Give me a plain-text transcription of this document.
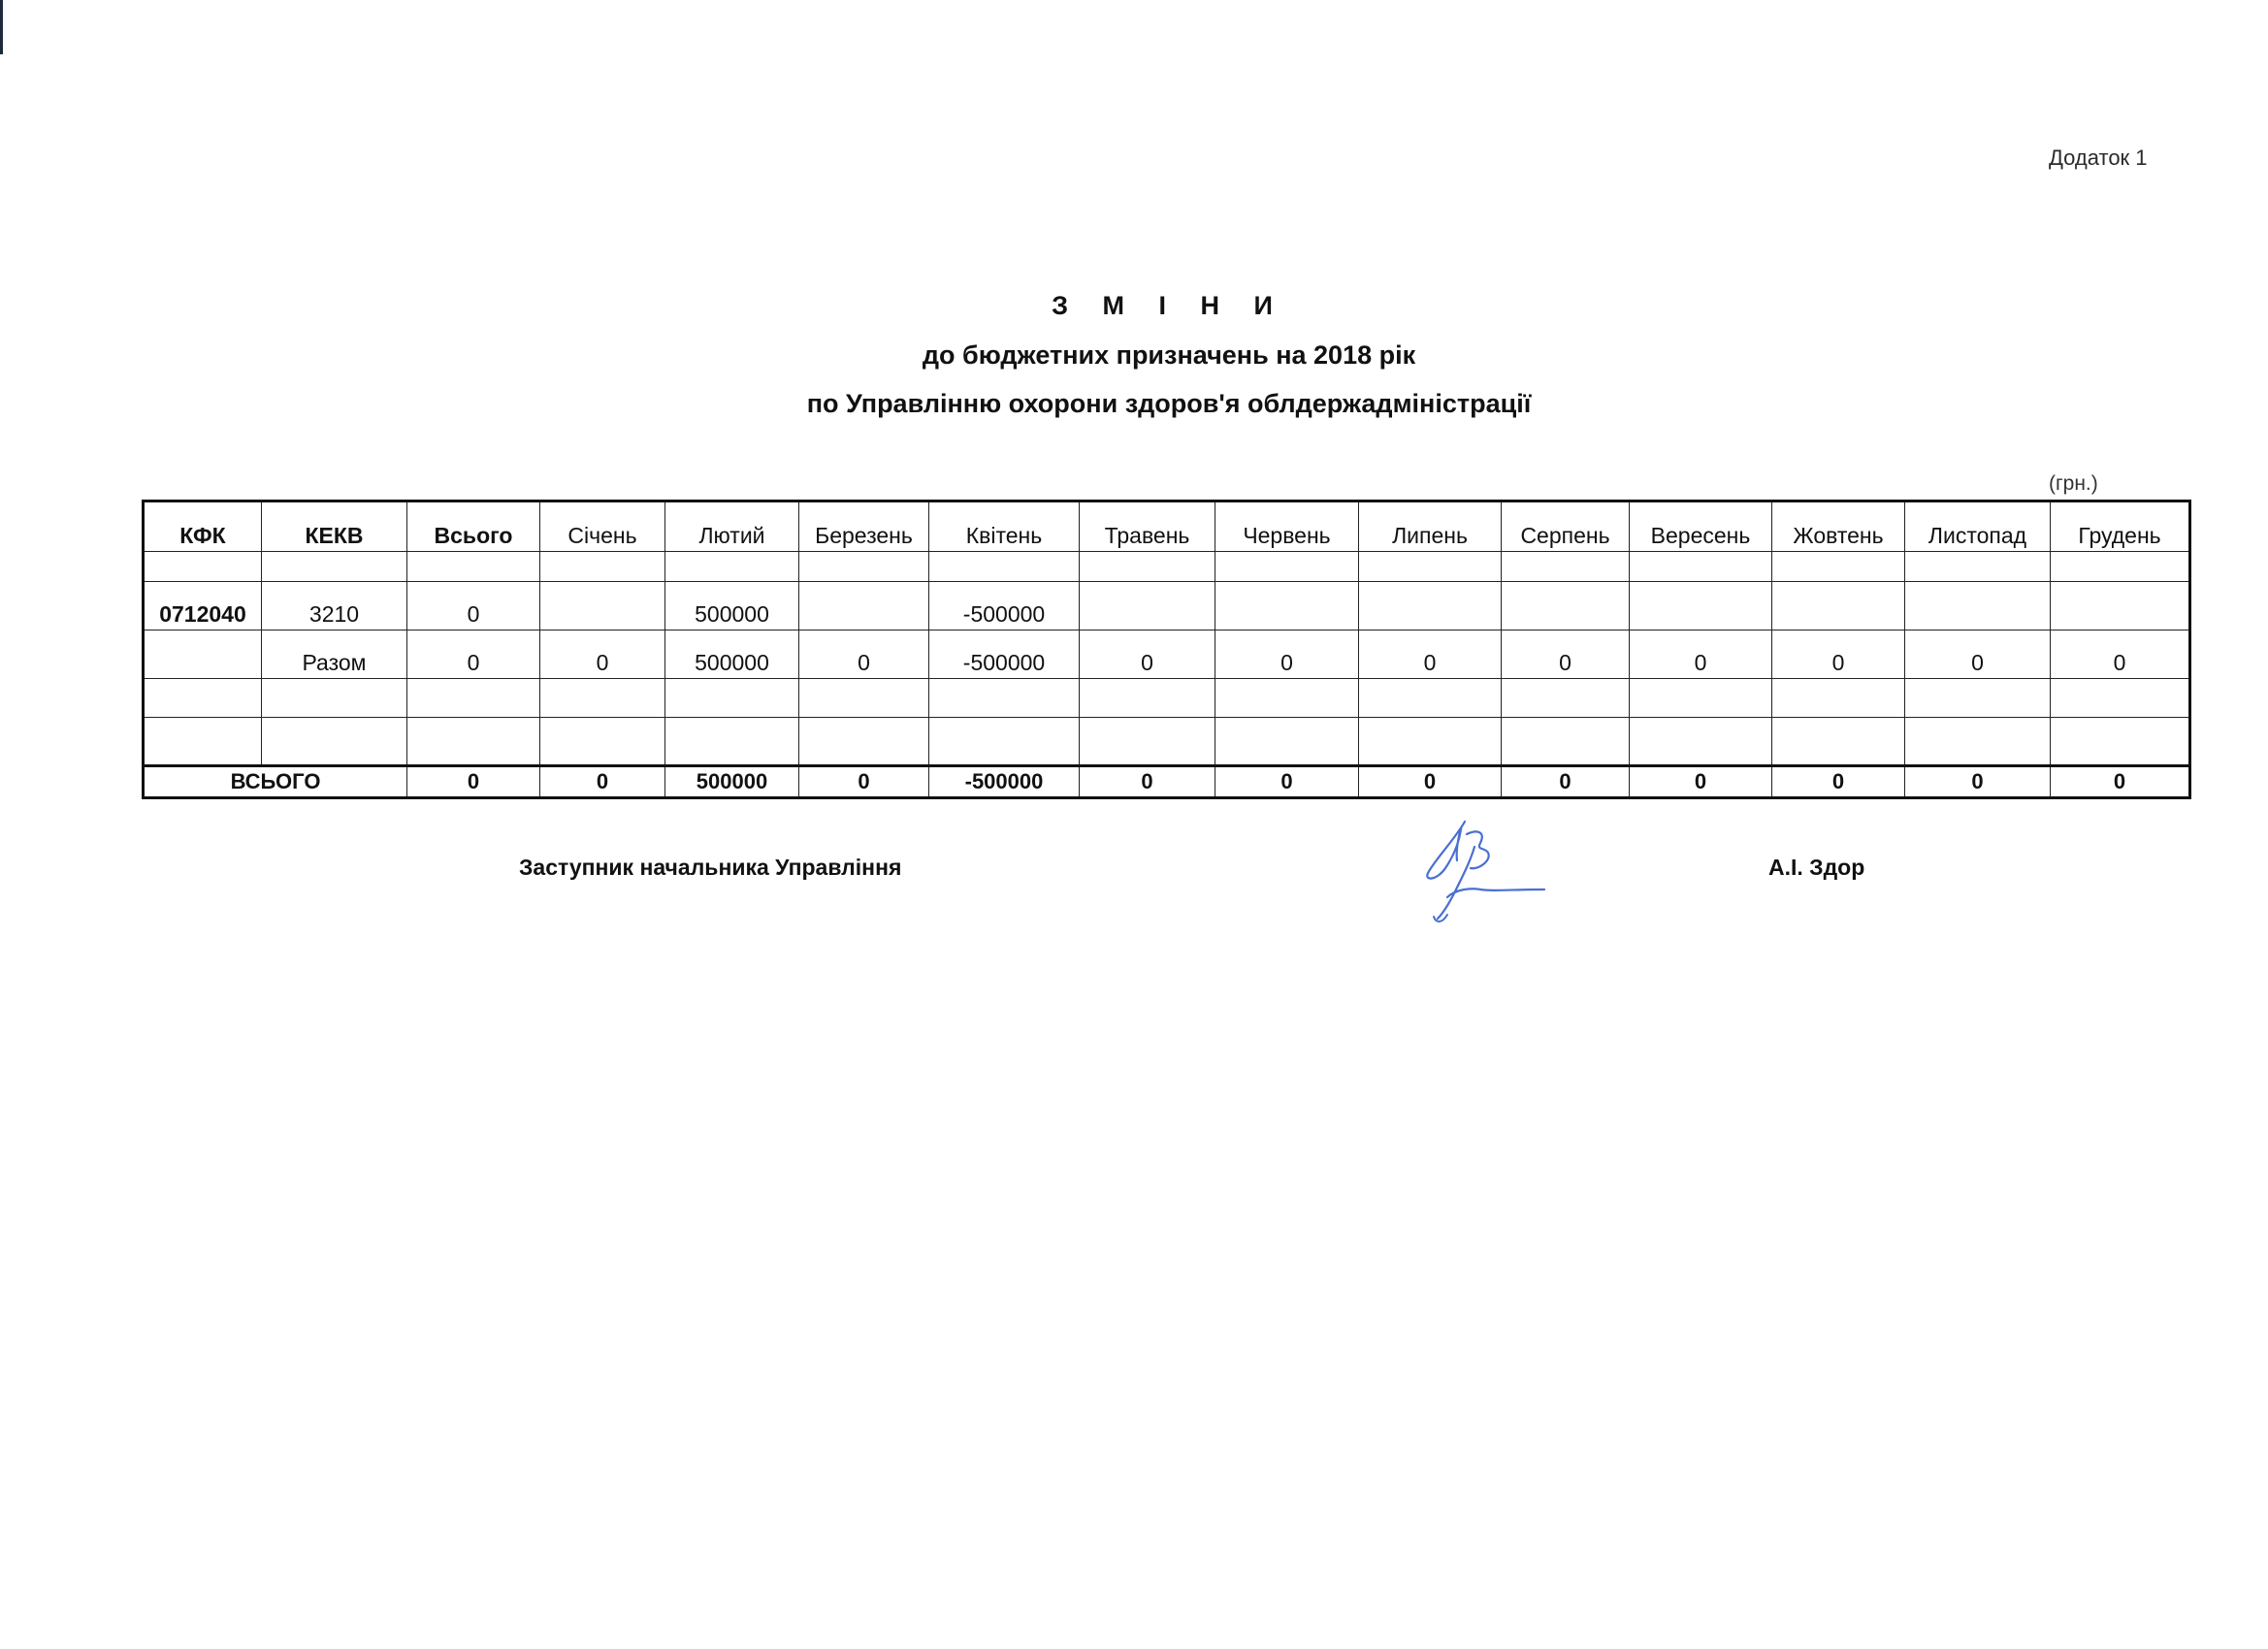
Додаток 1
З М І Н И
до бюджетних призначень на 2018 рік
по Управлінню охорони здоров'я облдержадміністрації
(грн.)
КФК	КЕКВ	Всього	Січень	Лютий	Березень	Квітень	Травень	Червень	Липень	Серпень	Вересень	Жовтень	Листопад	Грудень

0712040	3210	0		500000		-500000								
	Разом	0	0	500000	0	-500000	0	0	0	0	0	0	0	0

ВСЬОГО		0	0	500000	0	-500000	0	0	0	0	0	0	0	0
Заступник начальника Управління	А.І. Здор
